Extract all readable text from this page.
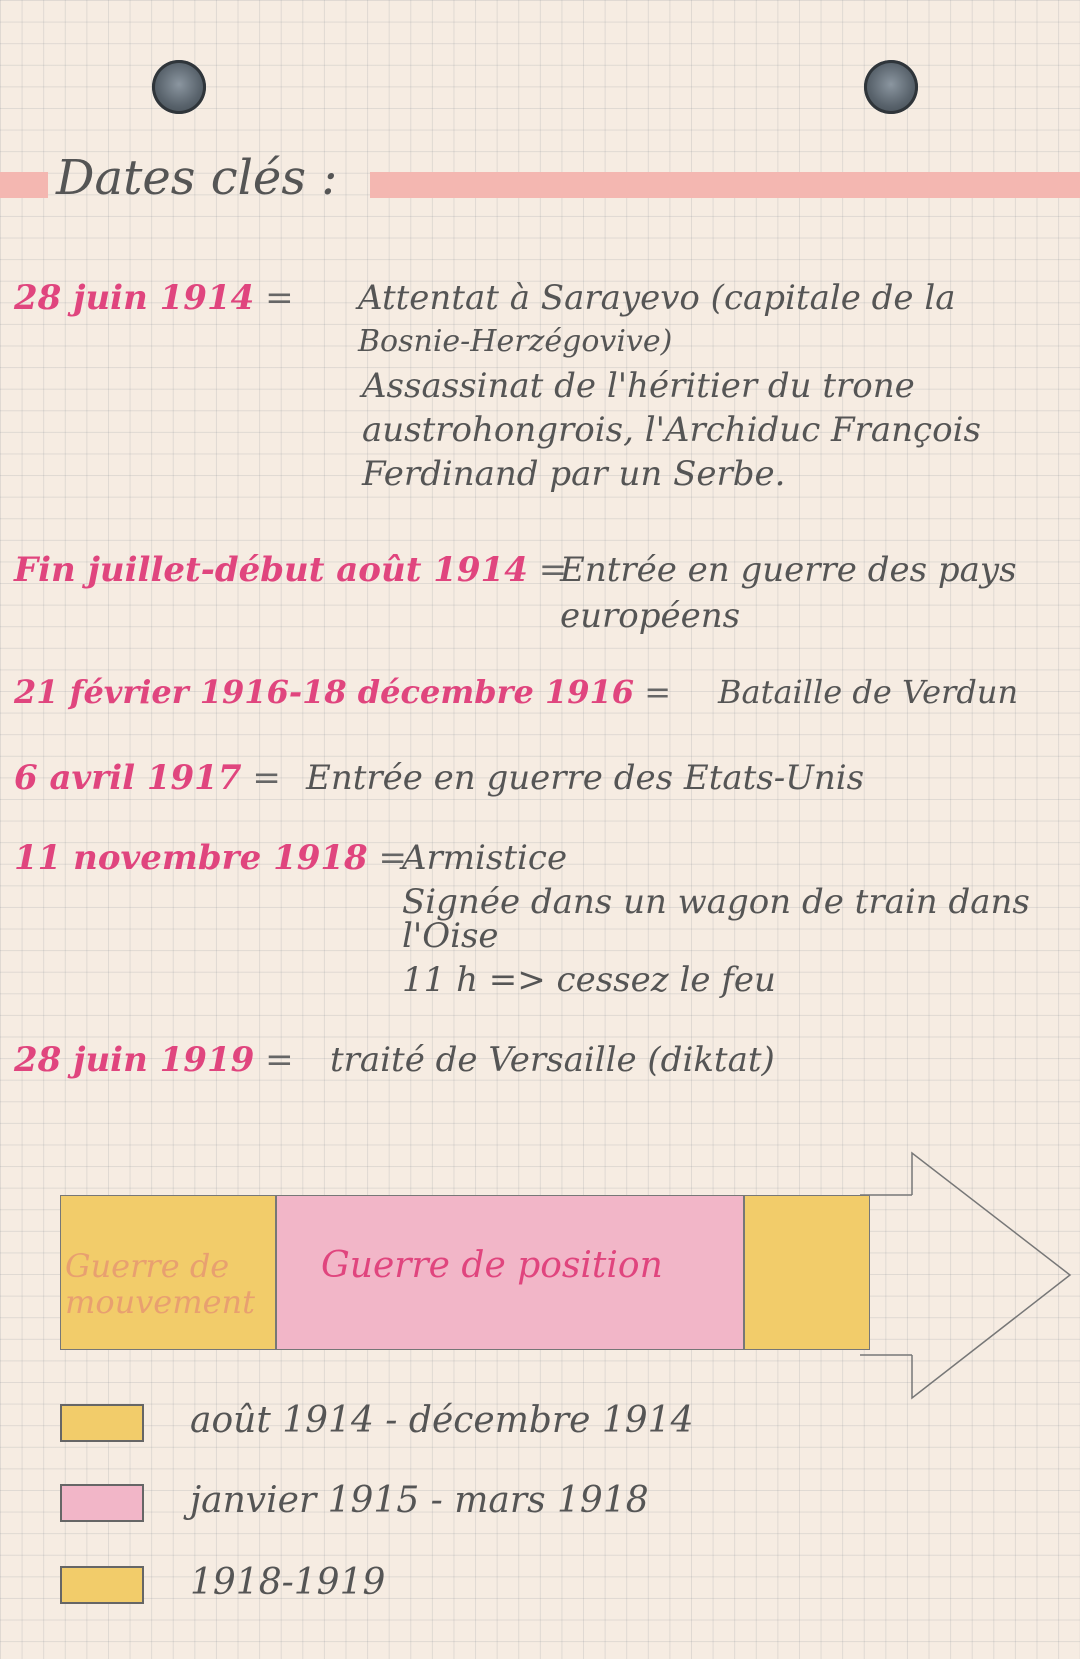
Dates clés :
28 juin 1914 = Attentat à Sarayevo (capitale de la
Bosnie-Herzégovive)
Assassinat de l'héritier du trone
austrohongrois, l'Archiduc François
Ferdinand par un Serbe.
Fin juillet-début août 1914 =
Entrée en guerre des pays
européens
21 février 1916-18 décembre 1916 = Bataille de Verdun
6 avril 1917 = Entrée en guerre des Etats-Unis
11 novembre 1918 =
Armistice
Signée dans un wagon de train dans
l'Oise
11 h => cessez le feu
28 juin 1919 = traité de Versaille (diktat)
Guerre de mouvement
Guerre de position
août 1914 - décembre 1914
janvier 1915 - mars 1918
1918-1919
